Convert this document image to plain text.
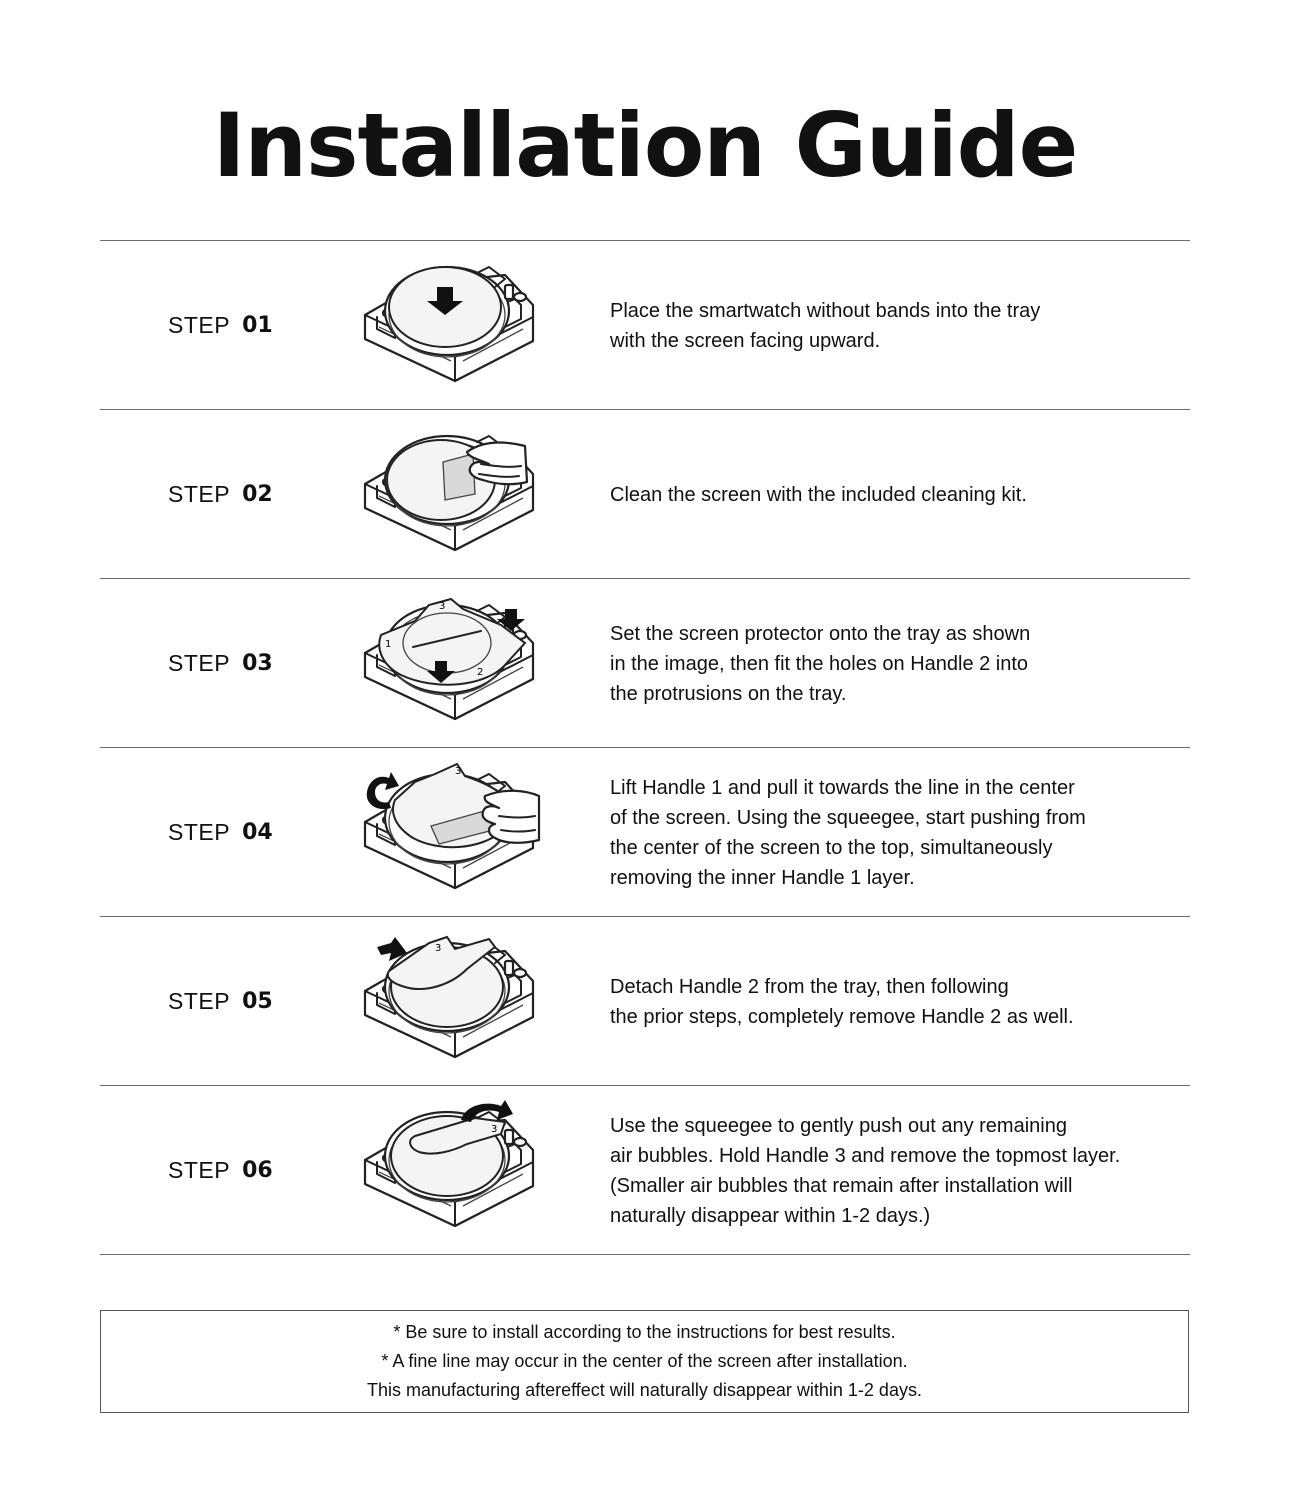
Installation Guide
STEP 01

Place the smartwatch without bands into the tray
with the screen facing upward.

STEP 02	Clean the screen with the included cleaning kit.

STEP 03
3
1
2

Set the screen protector onto the tray as shown
in the image, then fit the holes on Handle 2 into
the protrusions on the tray.

STEP 04
3

Lift Handle 1 and pull it towards the line in the center
of the screen. Using the squeegee, start pushing from
the center of the screen to the top, simultaneously
removing the inner Handle 1 layer.

STEP 05
3

Detach Handle 2 from the tray, then following
the prior steps, completely remove Handle 2 as well.

STEP 06
3	Use the squeegee to gently push out any remaining
air bubbles. Hold Handle 3 and remove the topmost layer.
(Smaller air bubbles that remain after installation will
naturally disappear within 1-2 days.)

* Be sure to install according to the instructions for best results.
* A fine line may occur in the center of the screen after installation.
This manufacturing aftereffect will naturally disappear within 1-2 days.
